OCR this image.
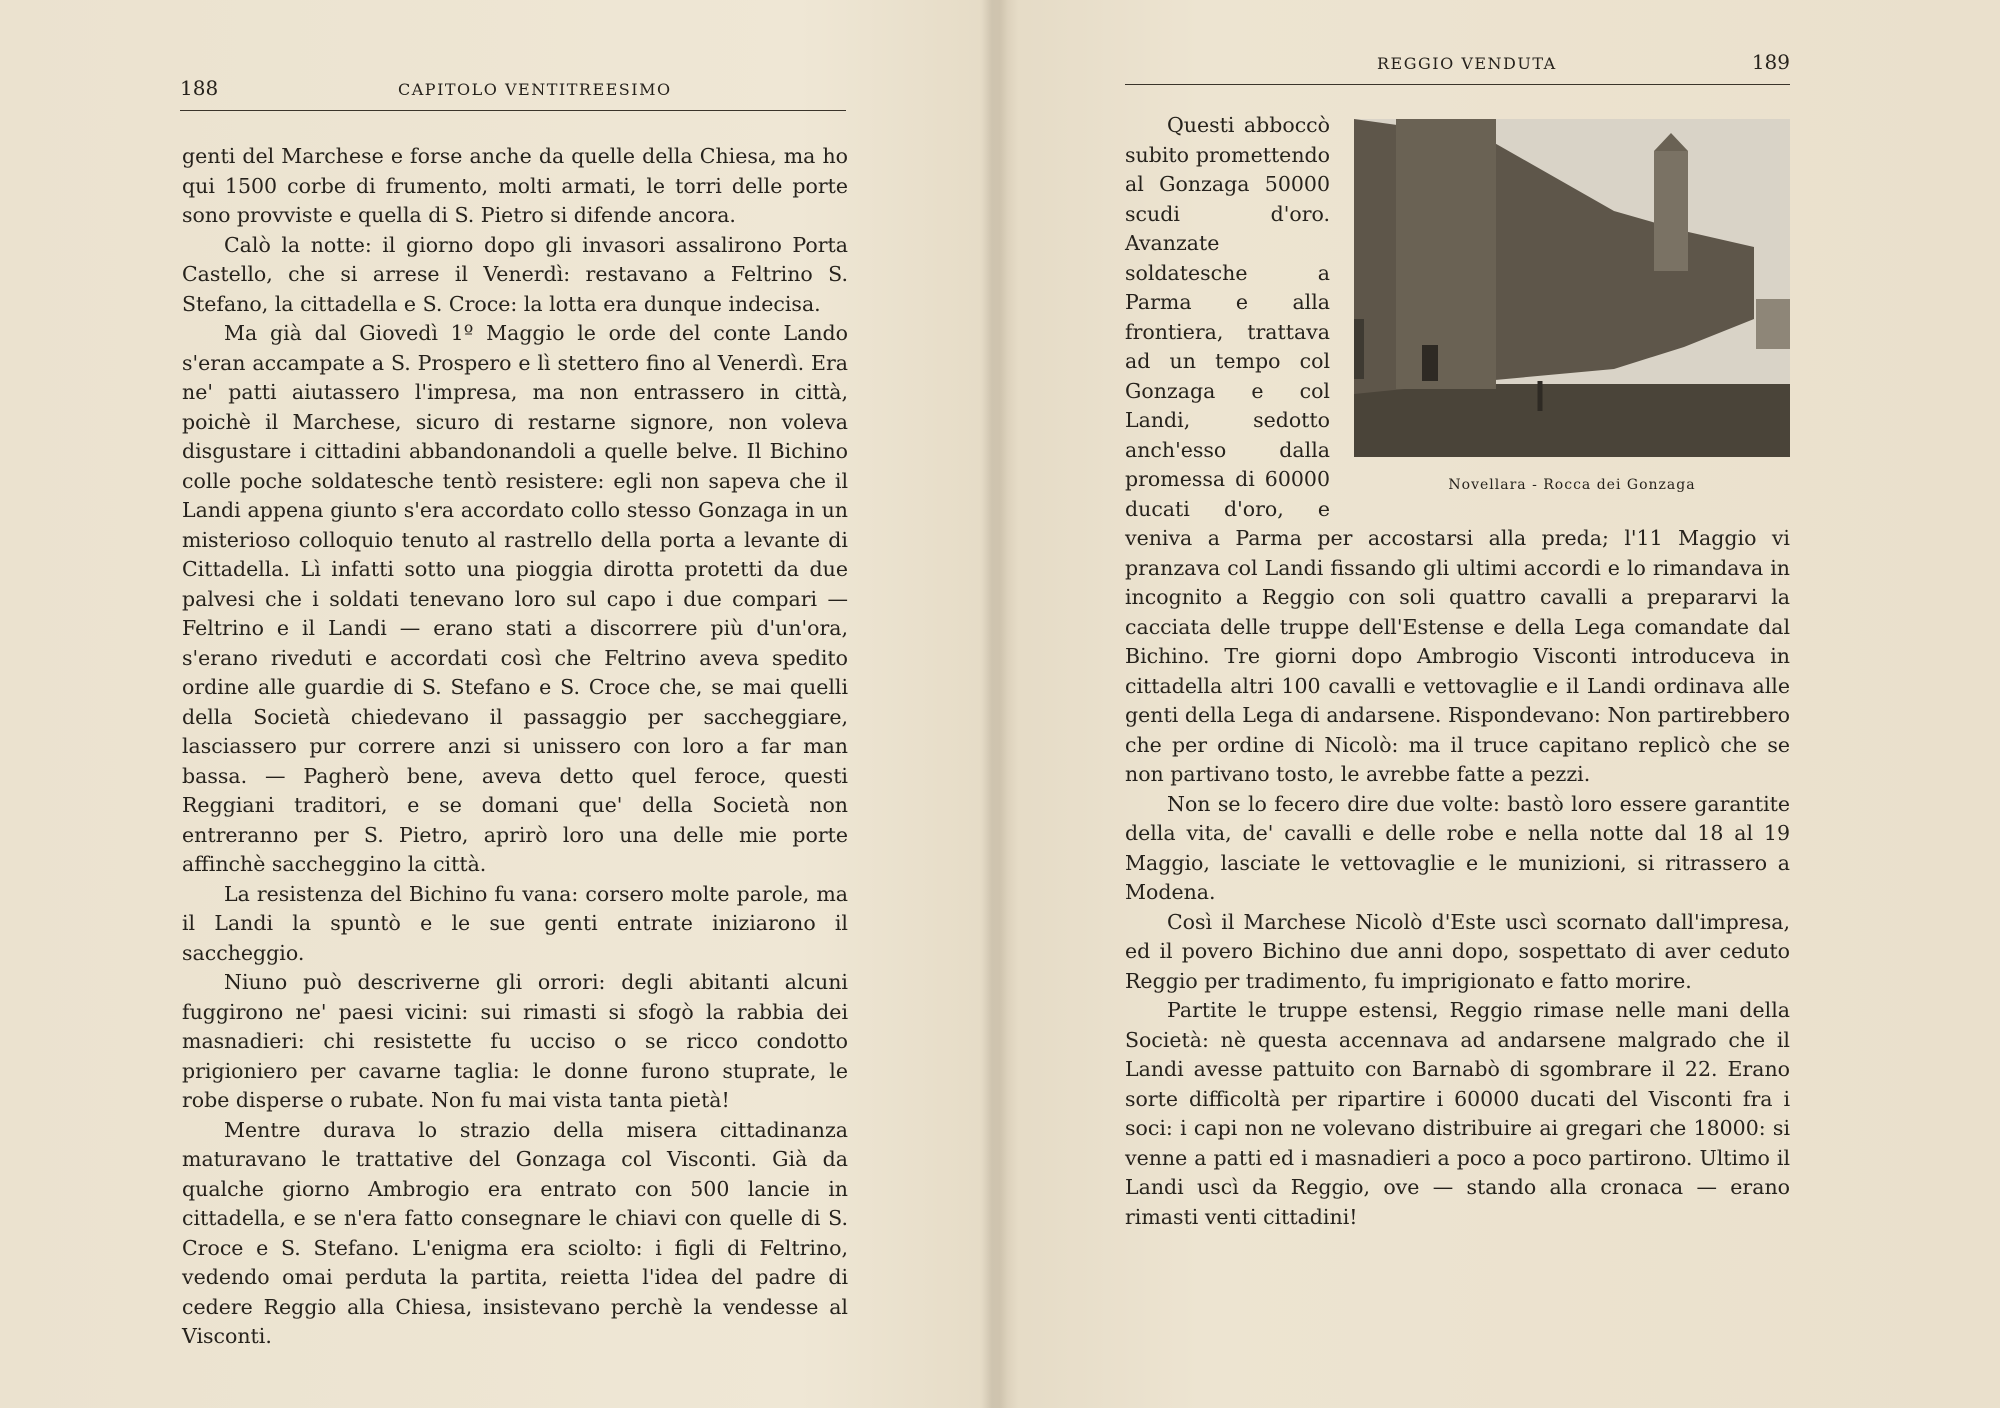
188	CAPITOLO VENTITREESIMO

genti del Marchese e forse anche da quelle della Chiesa, ma ho qui 1500 corbe di frumento, molti armati, le torri delle porte sono provviste e quella di S. Pietro si difende ancora.

Calò la notte: il giorno dopo gli invasori assalirono Porta Castello, che si arrese il Venerdì: restavano a Feltrino S. Stefano, la cittadella e S. Croce: la lotta era dunque indecisa.

Ma già dal Giovedì 1º Maggio le orde del conte Lando s'eran accampate a S. Prospero e lì stettero fino al Venerdì. Era ne' patti aiutassero l'impresa, ma non entrassero in città, poichè il Marchese, sicuro di restarne signore, non voleva disgustare i cittadini abbandonandoli a quelle belve. Il Bichino colle poche soldatesche tentò resistere: egli non sapeva che il Landi appena giunto s'era accordato collo stesso Gonzaga in un misterioso colloquio tenuto al rastrello della porta a levante di Cittadella. Lì infatti sotto una pioggia dirotta protetti da due palvesi che i soldati tenevano loro sul capo i due compari — Feltrino e il Landi — erano stati a discorrere più d'un'ora, s'erano riveduti e accordati così che Feltrino aveva spedito ordine alle guardie di S. Stefano e S. Croce che, se mai quelli della Società chiedevano il passaggio per saccheggiare, lasciassero pur correre anzi si unissero con loro a far man bassa. — Pagherò bene, aveva detto quel feroce, questi Reggiani traditori, e se domani que' della Società non entreranno per S. Pietro, aprirò loro una delle mie porte affinchè saccheggino la città.

La resistenza del Bichino fu vana: corsero molte parole, ma il Landi la spuntò e le sue genti entrate iniziarono il saccheggio.

Niuno può descriverne gli orrori: degli abitanti alcuni fuggirono ne' paesi vicini: sui rimasti si sfogò la rabbia dei masnadieri: chi resistette fu ucciso o se ricco condotto prigioniero per cavarne taglia: le donne furono stuprate, le robe disperse o rubate. Non fu mai vista tanta pietà!

Mentre durava lo strazio della misera cittadinanza maturavano le trattative del Gonzaga col Visconti. Già da qualche giorno Ambrogio era entrato con 500 lancie in cittadella, e se n'era fatto consegnare le chiavi con quelle di S. Croce e S. Stefano. L'enigma era sciolto: i figli di Feltrino, vedendo omai perduta la partita, reietta l'idea del padre di cedere Reggio alla Chiesa, insistevano perchè la vendesse al Visconti.

REGGIO VENDUTA	189

Novellara - Rocca dei Gonzaga
Questi abboccò subito promettendo al Gonzaga 50000 scudi d'oro. Avanzate soldatesche a Parma e alla frontiera, trattava ad un tempo col Gonzaga e col Landi, sedotto anch'esso dalla promessa di 60000 ducati d'oro, e veniva a Parma per accostarsi alla preda; l'11 Maggio vi pranzava col Landi fissando gli ultimi accordi e lo rimandava in incognito a Reggio con soli quattro cavalli a prepararvi la cacciata delle truppe dell'Estense e della Lega comandate dal Bichino. Tre giorni dopo Ambrogio Visconti introduceva in cittadella altri 100 cavalli e vettovaglie e il Landi ordinava alle genti della Lega di andarsene. Rispondevano: Non partirebbero che per ordine di Nicolò: ma il truce capitano replicò che se non partivano tosto, le avrebbe fatte a pezzi.

Non se lo fecero dire due volte: bastò loro essere garantite della vita, de' cavalli e delle robe e nella notte dal 18 al 19 Maggio, lasciate le vettovaglie e le munizioni, si ritrassero a Modena.

Così il Marchese Nicolò d'Este uscì scornato dall'impresa, ed il povero Bichino due anni dopo, sospettato di aver ceduto Reggio per tradimento, fu imprigionato e fatto morire.

Partite le truppe estensi, Reggio rimase nelle mani della Società: nè questa accennava ad andarsene malgrado che il Landi avesse pattuito con Barnabò di sgombrare il 22. Erano sorte difficoltà per ripartire i 60000 ducati del Visconti fra i soci: i capi non ne volevano distribuire ai gregari che 18000: si venne a patti ed i masnadieri a poco a poco partirono. Ultimo il Landi uscì da Reggio, ove — stando alla cronaca — erano rimasti venti cittadini!
